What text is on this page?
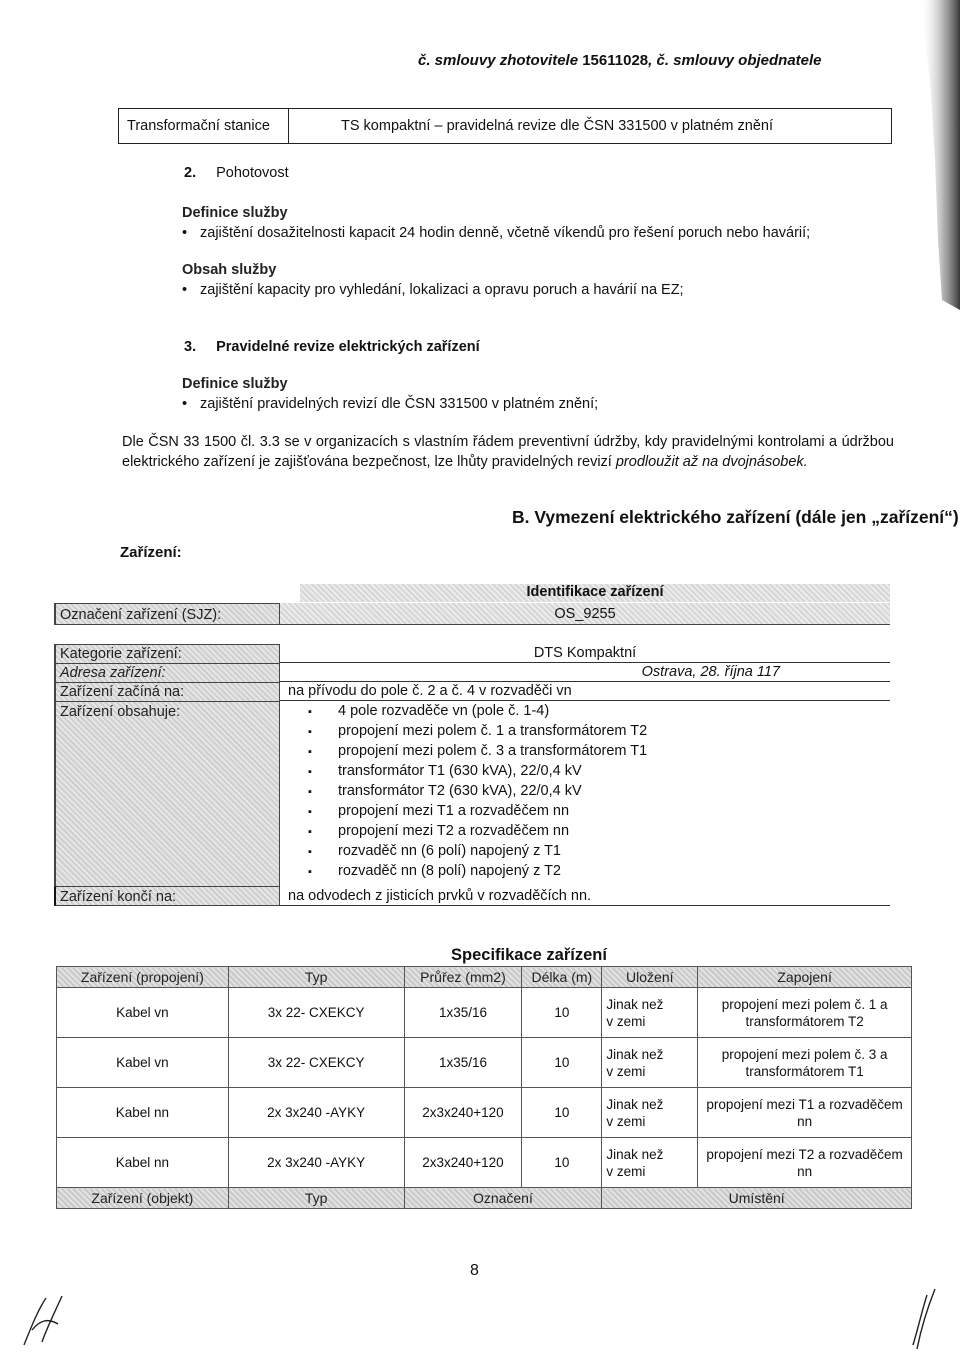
č. smlouvy zhotovitele 15611028, č. smlouvy objednatele
Transformační stanice	TS kompaktní – pravidelná revize dle ČSN 331500 v platném znění
2. Pohotovost
Definice služby
• zajištění dosažitelnosti kapacit 24 hodin denně, včetně víkendů pro řešení poruch nebo havárií;
Obsah služby
• zajištění kapacity pro vyhledání, lokalizaci a opravu poruch a havárií na EZ;
3. Pravidelné revize elektrických zařízení
Definice služby
• zajištění pravidelných revizí dle ČSN 331500 v platném znění;
Dle ČSN 33 1500 čl. 3.3 se v organizacích s vlastním řádem preventivní údržby, kdy pravidelnými kontrolami a údržbou elektrického zařízení je zajišťována bezpečnost, lze lhůty pravidelných revizí prodloužit až na dvojnásobek.
B. Vymezení elektrického zařízení (dále jen „zařízení“)
Zařízení:
Identifikace zařízení
Označení zařízení (SJZ):	OS_9255
Kategorie zařízení:	DTS Kompaktní
Adresa zařízení:	Ostrava, 28. října 117
Zařízení začíná na:	na přívodu do pole č. 2 a č. 4 v rozvaděči vn
Zařízení obsahuje:	▪ 4 pole rozvaděče vn (pole č. 1-4)
▪ propojení mezi polem č. 1 a transformátorem T2
▪ propojení mezi polem č. 3 a transformátorem T1
▪ transformátor T1 (630 kVA), 22/0,4 kV
▪ transformátor T2 (630 kVA), 22/0,4 kV
▪ propojení mezi T1 a rozvaděčem nn
▪ propojení mezi T2 a rozvaděčem nn
▪ rozvaděč nn (6 polí) napojený z T1
▪ rozvaděč nn (8 polí) napojený z T2
Zařízení končí na:	na odvodech z jisticích prvků v rozvaděčích nn.
Specifikace zařízení
Zařízení (propojení)	Typ	Průřez (mm2)	Délka (m)	Uložení	Zapojení
Kabel vn	3x 22- CXEKCY	1x35/16	10	Jinak než
v zemi	propojení mezi polem č. 1 a
transformátorem T2
Kabel vn	3x 22- CXEKCY	1x35/16	10	Jinak než
v zemi	propojení mezi polem č. 3 a
transformátorem T1
Kabel nn	2x 3x240 -AYKY	2x3x240+120	10	Jinak než
v zemi	propojení mezi T1 a rozvaděčem nn
Kabel nn	2x 3x240 -AYKY	2x3x240+120	10	Jinak než
v zemi	propojení mezi T2 a rozvaděčem nn
Zařízení (objekt)	Typ	Označení		Umístění	
8
